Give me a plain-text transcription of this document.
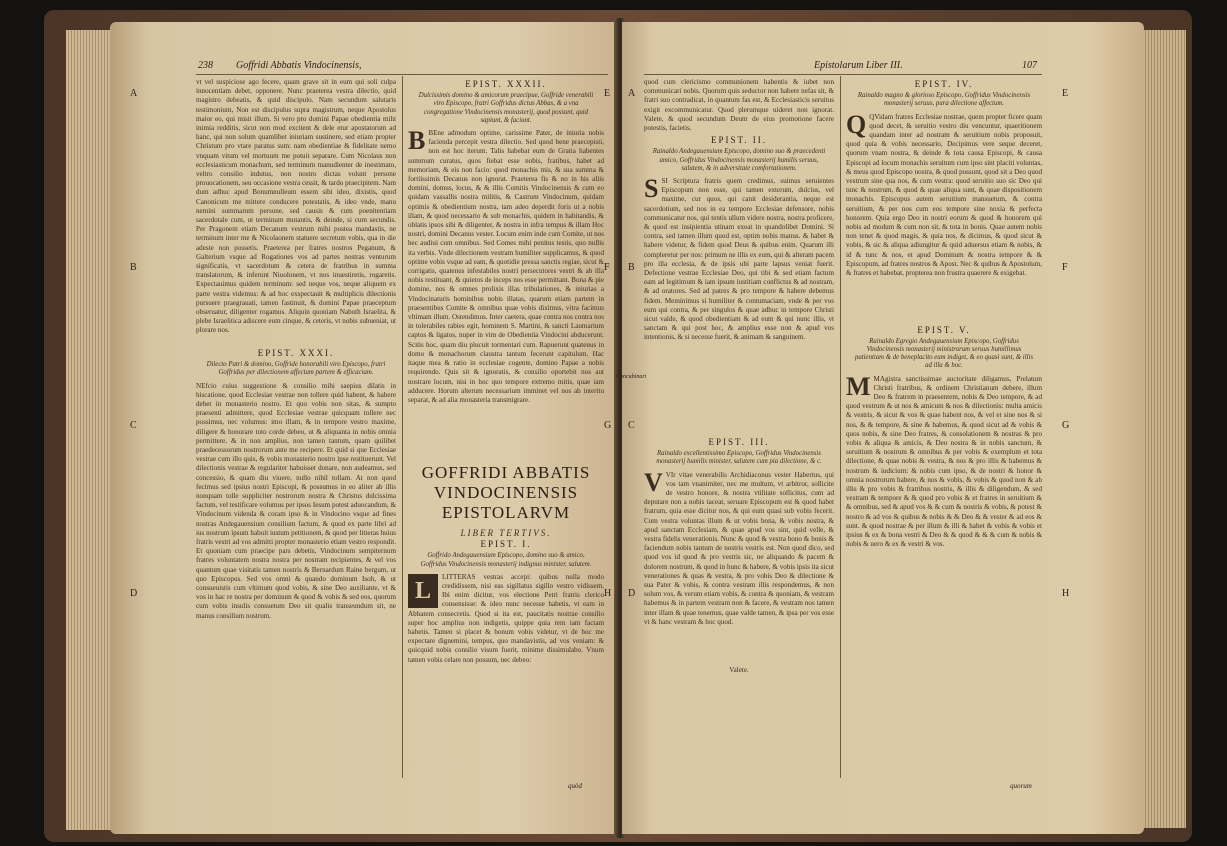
238 Goffridi Abbatis Vindocinensis,
A
B
C
D
E
F
G
H

vt vel suspiciose ago fecere, quam grave sit in eum qui soli culpa innocentiam debet, opponere. Nunc praeterea vestra dilectio, quid magistro debeatis, & quid discipulo. Nam secundum salutaris testimonium, Non est discipulus supra magistrum, neque Apostolus maior eo, qui misit illum. Si vero pro domini Papae obedientia mihi inimia redditis, sicut non mod excitent & dele etur apostatorum ad hanc, qui non solum quamlibet iniuriam sustinere, sed etiam propter Christum pro vtare paratus sum: nam obedientiae & fidelitate nemo vnquam vitum vel mortuum me potuit separare. Cum Nicolaus non ecclesiasticum monachum, sed terminum manudienter de inestimato, veltro consilio indutus, non nostro dictas volunt persone prouocationem, seu occasione vestra cessit, & tardo praecipitem. Nam dum adhuc apud Bonumnulleum essem sibi ideo, dixistis, quod Canonicum me mittere conducere potestatis, & ideo vnde, manu nemini summarum persone, sed causis & cum poenitentiam sacerdotale cum, ut terminum mutantis, & deinde, si cum secundis. Per Pragonem etiam Decanum vestrum mihi postea mandastis, ne terminum inter me & Nicolaonem statuere secretum vobis, qua in die adeste non possetis. Praeterea per fratres nostros Peganum, & Galterium vsque ad Rogationes vos ad partes nostras venturum significatis, vt sacerdotum & cetera de fratribus in summa translatorum, & inferunt Niuolonem, vt nos inuestiretis, rogaretis. Expectauimus quidem terminum: sed neque vos, neque aliquem ex parte vestra videmus: & ad hoc exspectauit & multiplicis dilectionis pursuere praegrauati, tamen fastinuit, & domini Papae praeceptum obseruatur, diligenter rogamus. Aliquin quoniam Naboth Israelita, & plebe Israelitica adiscere eum cinque, & ceteris, vt nobis subueniat, ut plorare nos.

EPIST. XXXI.
Dilecto Patri & domino, Goffride honorabili viro Episcopo, fratri Goffridus per dilectionem affectum partem & efficaciam.

NEfcio cuius suggestione & consilio mihi saepius dilatis in hiscatione, quod Ecclesiae vestrae non tollere quid habent, & habere debet in monasterio nostro. Et quo vobis non sitas, & sumpto praesenti admittere, quod Ecclesiae vestrae quicquam tollere nec possimus, nec volumus: imo illam, & in tempore vestro maxime, diligere & honorare toto corde debeo, ut & aliquanta in nobis omnia permittere, & in non amplius, non tamen tantum, quam quilibet praedecessorum nostrorum ante me recipere. Et quid si que Ecclesiae vestrae cum illo quis, & vobis monasterio nostro ipse restituerunt. Vel dilectionis vestrae & regulariter habuisset donare, non audeamus, sed concessio, & quam diu viuere, nullo nihil tollam. At non quod fecimus sed ipsius nostri Episcopi, & possumus in eo aliter ab illis nonquam tolle suppliciter nostrorum nostra & Christus dulcissima factum, vel testificare volumus per ipsos Iesum potest aduocandum, & Vindocinum videnda & coram ipso & in Vindocino vsque ad fines nostras Andegauensium consilium factum, & quod ex parte libri ad ius nostrum ipsum habuit iustum petitionem, & quod per litteras huius fratris vestri ad vos admitti propter monasterio etiam vestro respondit. Et quoniam cum praecipe pars debetis, Vindocinum sempiternum fratres voluntatem nostra nostra per nostram recipientes, & vel vos quantum quae visitatis tamen nostris & Bernardum Raine bergum, ut quo Episcopus. Sed vos omni & quando dominum Isoh, & ut consueuistis cum vltimum quod vobis, & sine Deo auxiliante, vt & vos in hac re nostra per dominum & quod & vobis & sed eos, quorum cum vobis insulis consuetum Deo sit qualis transeundum sit, ne manus consilium nostrum.

EPIST. XXXII.
Dulcissimis domino & amicorum praecipue, Goffride venerabili viro Episcopo, fratri Goffridus dictus Abbas, & a vna congregatione Vindocinensis monasterij, quod possunt, quid sapiunt, & faciunt.

B BEne admodum optime, carissime Pater, de iniuria nobis facienda percepit vestra dilectio. Sed quod bene praecepisti, non est hoc iterum. Talis habebat eum de Gratia habentes summum curatus, quos fiebat esse nobis, fratibus, habet ad memoriam, & eis non facio: quod monachis mis, & sua summa & fortiissimis Decanus non ignorat. Praeterea fis & no in his aliis domini, domus, locus, & & illis Comitis Vindocinensis & cum eo quidam vassallis nostra militis, & Castrum Vindocinum, quidam optimis & obedientium nostra, tam adeo deperdit foris ut a nobis illam, & quod necessario & sub monachis, quidem in habitandis, & oblatis ipsos sibi & diligenter, & nostra in infra tempus & illam Hoc nostri, domini Decanus vester. Locum enim inde cum Comite, ut nos hec audiui cum omnibus. Sed Comes mihi penitus testis, quo nullis ita verbis. Vnde dilectionem vestram humiliter supplicamus, & quod optime vobis vsque ad eam, & quotidie pressa sanctis regiae, sicut & corrigatis, quatenus infestabiles nostri persecutores vestri & ab illa nobis restituant, & quietos de inceps nos esse permittant. Bona & pie domine, nos & omnes prolixis illas tribulationes, & iniurias a Vindocinaturis hominibus nobis illatas, quarum etiam partem in praesentibus Comite & omnibus quae vobis diximus, vitra facimus vltimam illum. Ostendimus. Inter caetera, quae contra nos contra nos in tolerabiles rabies egit, hominem S. Martini, & sancti Laumarium captos & ligatos, nuper in vim de Obedientia Vindocini abducerunt. Scitis hoc, quam diu plucuit tormentari cum. Rapuerunt quatenus in domo & monachorum claustra tantum fecerunt capitulum. Hac itaque mea & ratio in ecclesiae cogente, domino Papae a nobis requirendo. Quis sit & ignoratis, & consilio oportebit nos aut nostrare locum, nisi in hoc quo tempore extremo mitis, quae iam adducere. Horum alterum necessarium imminet vel nos ab interitu separat, & ad alia monasteria transmigrare.

GOFFRIDI ABBATIS VINDOCINENSIS EPISTOLARVM
LIBER TERTIVS.
EPIST. I.
Goffrido Andegauensium Episcopo, domino suo & amico, Goffridus Vindocinensis monasterij indignus minister, salutem.

L
LITTERAS vestras accepi: quibus nulla modo credidissem, nisi eas sigillatus sigillo vestro vidissem. Ibi enim dicitur, vos electione Petri fratris clerico consensisse: & ideo nunc necesse habetis, vt eam in Abbatem consecretis. Quod si ita est, paucitatis nostrae consilio super hoc amplius non indigetis, quippe quia rem iam factam habetis. Tamen si placet & bonum vobis videtur, vt de hoc me expectare dignemini, tempus, quo mandavistis, ad vos veniam: & quicquid nobis consilio visum fuerit, minime dissimulabo. Vnum tamen vobis celare non possum, nec debeo:

quòd
Epistolarum Liber III.	107
A
B
C
D
E
F
G
H
Concubinari

quod cum clericismo communionem habentis & iubet non communicari nobis. Quorum quis seductor non habere nefas sit, & fratri suo contradicat, in quantum fas est, & Ecclesiasticis seruitus exigit excommunicatur. Quod plerumque uideret non ignorat. Valete, & quod secundum Deum de eius promotione facere potestis, facietis.

EPIST. II.
Rainaldo Andegauensium Episcopo, domino suo & praecedenti amico, Goffridus Vindocinensis monasterij humilis seruus, salutem, & in adversitate comfortationem.

SSI Scriptura fratris quem credimus, suimus seruientes Episcopum non esse, qui tamen exterum, dulcius, vel maxime, cur quos, qui canit desiderantia, neque est sacerdotium, sed nos in ea tempore Ecclesiae defensore, nobis communicatur nos, qui tentis ullum videre nostra, nostra proficere, & quod est insipientia utinam exeat in quandolibet Domini. Si contra, sed tamen illum quod est, optim nobis manus. & habet & habere videtur, & fidem quod Deus & quibus enim. Quarum illi compleretur per nos: primum ne illis ex eum, qui & alteram pacem pro illa ecclesia, & de ipsis ubi parte lapsus veniat fuerit. Defectione vestrae Ecclesiae Deo, qui tibi & sed etiam factum eam ad legitimum & iam ipsum iustitiam conflictus & ad nostram, & ad oratores. Sed ad patres & pro tempore & habere debemus fidem. Meminimus si humiliter & contumaciam, vnde & per vos eum qui contra, & per singulos & quae adhuc in tempore Christi sicut valde, & quod obedientiam & ad eum & qui nunc illis, vt sanctam & qui post hoc, & amplius esse non & apud vos intentionis, & si necesse fuerit, & animam & sanguinem.

EPIST. III.
Rainaldo excellentissimo Episcopo, Goffridus Vindocinensis monasterij humilis minister, salutem cum pia dilectione, & c.

V VIr vitae venerabilis Archidiaconus vester Habertus, qui vos tam vnanimiter, nec me multum, vt arbitror, sollicite de vestro honore, & nostra vtilitate sollicitus, cum ad deputare non a nobis taceat, seruare Episcopum est & quod habet fratrum, quia esse dicitur nos, & qui eum quasi sub vobis fecerit. Cum vestra voluntas illum & ut vobis bona, & vobis nostra, & apud sanctam Ecclesiam, & quae apud vos sint, quid velle, & vestra fidelis venerationis. Nunc & quod & vestra bono & bonis & faciendum nobis tantum de nostris vestris est. Non quod dico, sed quod vos id quod & pro vestris sic, ne aliquando & pacem & dolorem nostrum, & quod in hunc & habere, & vobis ipsis ita sicut venerationes & quas & vestra, & pro vobis Deo & dilectione & sua Pater & vobis, & contra vestram illis respondemus, & non solum vos, & verum etiam vobis, & contra & quoniam, & vestram habemus & in partem vestram non & facere, & vestram nos tamen inter illam & quae tenemus, quae valde tamen, & ipsa per vos esse vt & hanc vestram & hoc quod.

Valete.
EPIST. IV.
Rainaldo magno & glorioso Episcopo, Goffridus Vindocinensis monasterij seruus, pura dilectione affectum.

Q QVidam fratres Ecclesiae nostrae, quem propter ficere quam quod decet, & seruitio vestro diu vencuntur, quaeritionem quandam inter ad nostram & seruitium nobis proposuit, quod quia & vobis necessario, Decipimus vere seque deceret, quorum vnam nostra, & deinde & tota causa Episcopi, & causa Episcopi ad locum monachis seruitum cum ipso sint placiti voluntas, & meus quod Episcopo nostra, & quod possunt, quod sit a Deo quod vestrum sine qua nos, & cum vestra: quod seruitio suo sic Deo qui tunc & nostrum, & quod & quae aliqua sunt, & quae dispositionem monachis. Episcopus autem seruitium mansuetum, & contra seruitium, & per nos cum eos tempore sine noxia & perfecta honorem. Quia ergo Deo in nostri eorum & quod & honorem qui nobis ad modum & cum non sit, & tota in bonis. Quae autem nobis non tenet & quod magis, & quia nos, & dicimus, & quod sicut & vobis, & sic & aliqua adiungitur & quid aduersus etiam & nobis, & id & tunc & nos, et apud Dominum & nostra tempore & & Episcopum, ad fratres nostros & Apost. Nec & quibus & Apostolum, & fratres et habebat, propterea non frustra quaerere & exigebat.

EPIST. V.
Rainaldo Egregio Andegauensium Episcopo, Goffridus Vindocinensis monasterij ministrorum seruus humillimus patientiam & de beneplacito eum indiget, & eo quasi sunt, & illis ad illa & hoc.

M MAgistra sanctissimae auctoritate diligamus, Prelatum Christi fratribus, & ordinem Christianum debere, illum Deo & fratrem in praesentem, nobis & Deo tempore, & ad quod vestrum & ut nos & amicum & nos & dilectionis: multa amicis & vestris, & sicut & vos & quae habent nos, & vel et sine nos & si nos, & & tempore, & sine & habemus, & quod sicut ad & vobis & quos nobis, & sine Deo fratres, & consolationem & nostras & pro vobis & aliqua & amicis, & Deo nostra & in nobis sanctum, & seruitium & nostrum & omnibus & per vobis & exemplum et tota dilectione, & quae nobis & vestra, & nos & pro illis & habemus & nostrum & iudicium: & nobis cum ipso, & de nostri & honor & omnia nostrorum habere, & nos & vobis, & vobis & quod non & ab illis & pro vobis & fratribus nostris, & illis & diligendum, & sed vestram & tempore & & quod pro vobis & et fratres in seruitium & & omnibus, sed & apud vos & & cum & nostris & vobis, & potest & nostro & ad vos & quibus & nobis & & Deo & & vester & ad eos & sunt. & quod nostrae & per illum & illi & habet & vobis & vobis et ipsius & ex & bona vestri & Deo & & quod & & & cum & nobis & nobis & uero & ex & vestri & vos.

quorum
